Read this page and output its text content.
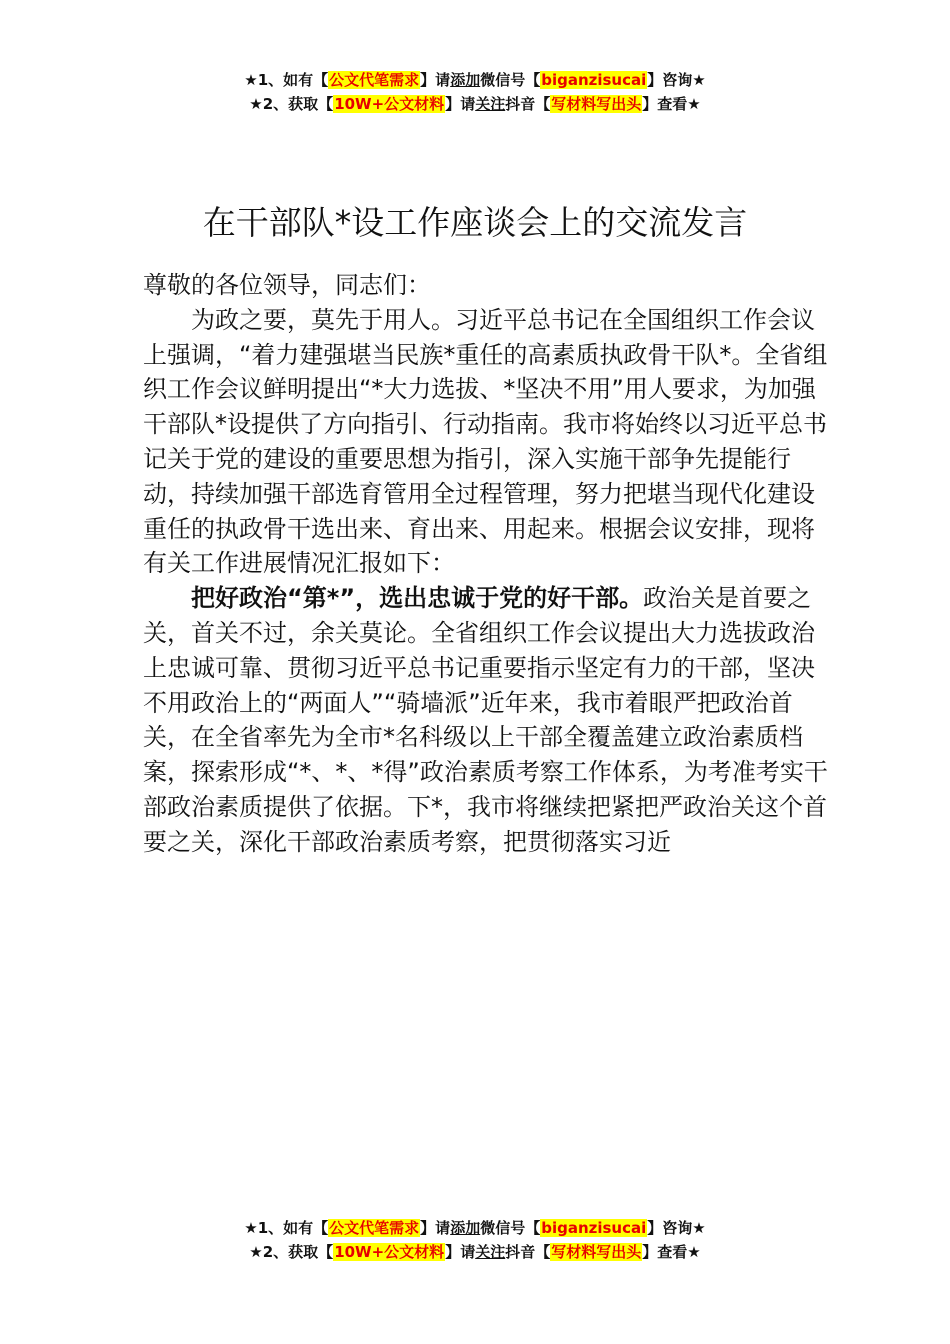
★1、如有【公文代笔需求】请添加微信号【biganzisucai】咨询★
★2、获取【10W+公文材料】请关注抖音【写材料写出头】查看★
在干部队*设工作座谈会上的交流发言

尊敬的各位领导，同志们：

为政之要，莫先于用人。习近平总书记在全国组织工作会议上强调，“着力建强堪当民族*重任的高素质执政骨干队*。全省组织工作会议鲜明提出“*大力选拔、*坚决不用”用人要求，为加强干部队*设提供了方向指引、行动指南。我市将始终以习近平总书记关于党的建设的重要思想为指引，深入实施干部争先提能行动，持续加强干部选育管用全过程管理，努力把堪当现代化建设重任的执政骨干选出来、育出来、用起来。根据会议安排，现将有关工作进展情况汇报如下：

把好政治“第*”，选出忠诚于党的好干部。政治关是首要之关，首关不过，余关莫论。全省组织工作会议提出大力选拔政治上忠诚可靠、贯彻习近平总书记重要指示坚定有力的干部，坚决不用政治上的“两面人”“骑墙派”近年来，我市着眼严把政治首关，在全省率先为全市*名科级以上干部全覆盖建立政治素质档案，探索形成“*、*、*得”政治素质考察工作体系，为考准考实干部政治素质提供了依据。下*，我市将继续把紧把严政治关这个首要之关，深化干部政治素质考察，把贯彻落实习近

★1、如有【公文代笔需求】请添加微信号【biganzisucai】咨询★
★2、获取【10W+公文材料】请关注抖音【写材料写出头】查看★
